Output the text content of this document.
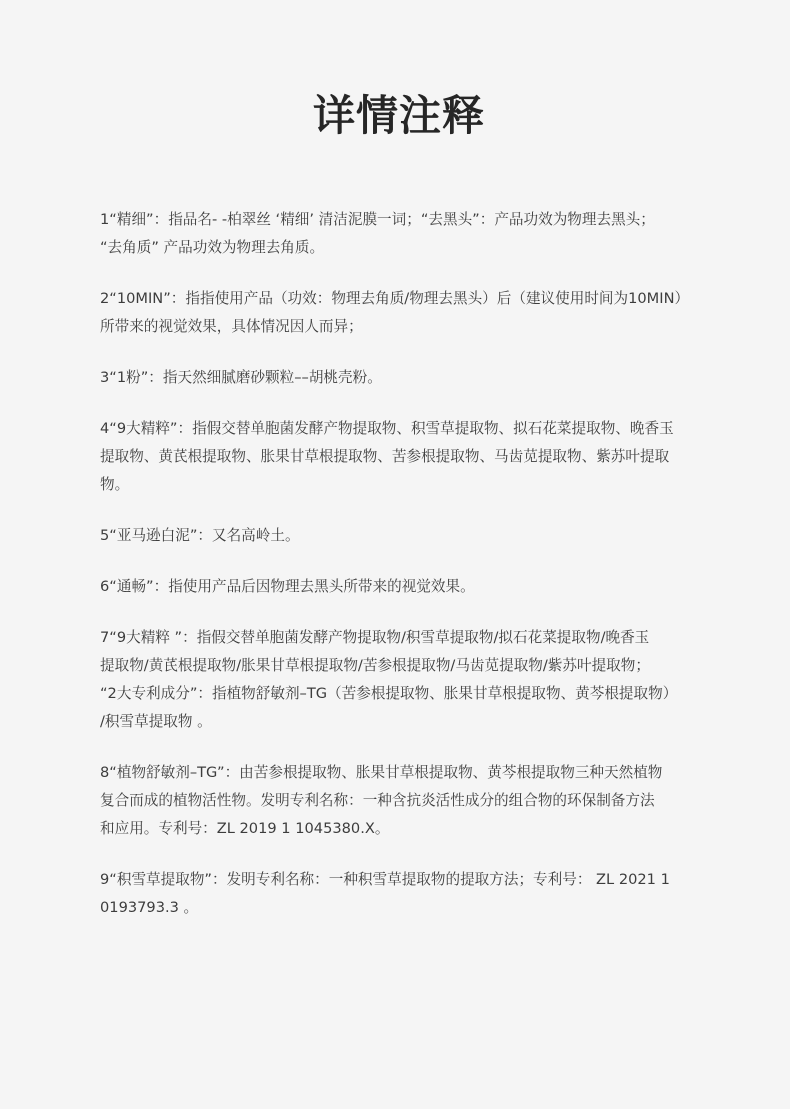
详情注释

1“精细”：指品名- -柏翠丝 ‘精细’ 清洁泥膜一词；“去黑头”：产品功效为物理去黑头；
“去角质” 产品功效为物理去角质。

2“10MIN”：指指使用产品（功效：物理去角质/物理去黑头）后（建议使用时间为10MIN）
所带来的视觉效果，具体情况因人而异；

3“1粉”：指天然细腻磨砂颗粒––胡桃壳粉。

4“9大精粹”：指假交替单胞菌发酵产物提取物、积雪草提取物、拟石花菜提取物、晚香玉
提取物、黄芪根提取物、胀果甘草根提取物、苦参根提取物、马齿苋提取物、紫苏叶提取
物。

5“亚马逊白泥”：又名高岭土。

6“通畅”：指使用产品后因物理去黑头所带来的视觉效果。

7“9大精粹 ”：指假交替单胞菌发酵产物提取物/积雪草提取物/拟石花菜提取物/晚香玉
提取物/黄芪根提取物/胀果甘草根提取物/苦参根提取物/马齿苋提取物/紫苏叶提取物；
“2大专利成分”：指植物舒敏剂–TG（苦参根提取物、胀果甘草根提取物、黄芩根提取物）
/积雪草提取物 。

8“植物舒敏剂–TG”：由苦参根提取物、胀果甘草根提取物、黄芩根提取物三种天然植物
复合而成的植物活性物。发明专利名称：一种含抗炎活性成分的组合物的环保制备方法
和应用。专利号：ZL 2019 1 1045380.X。

9“积雪草提取物”：发明专利名称：一种积雪草提取物的提取方法；专利号： ZL 2021 1
0193793.3 。
